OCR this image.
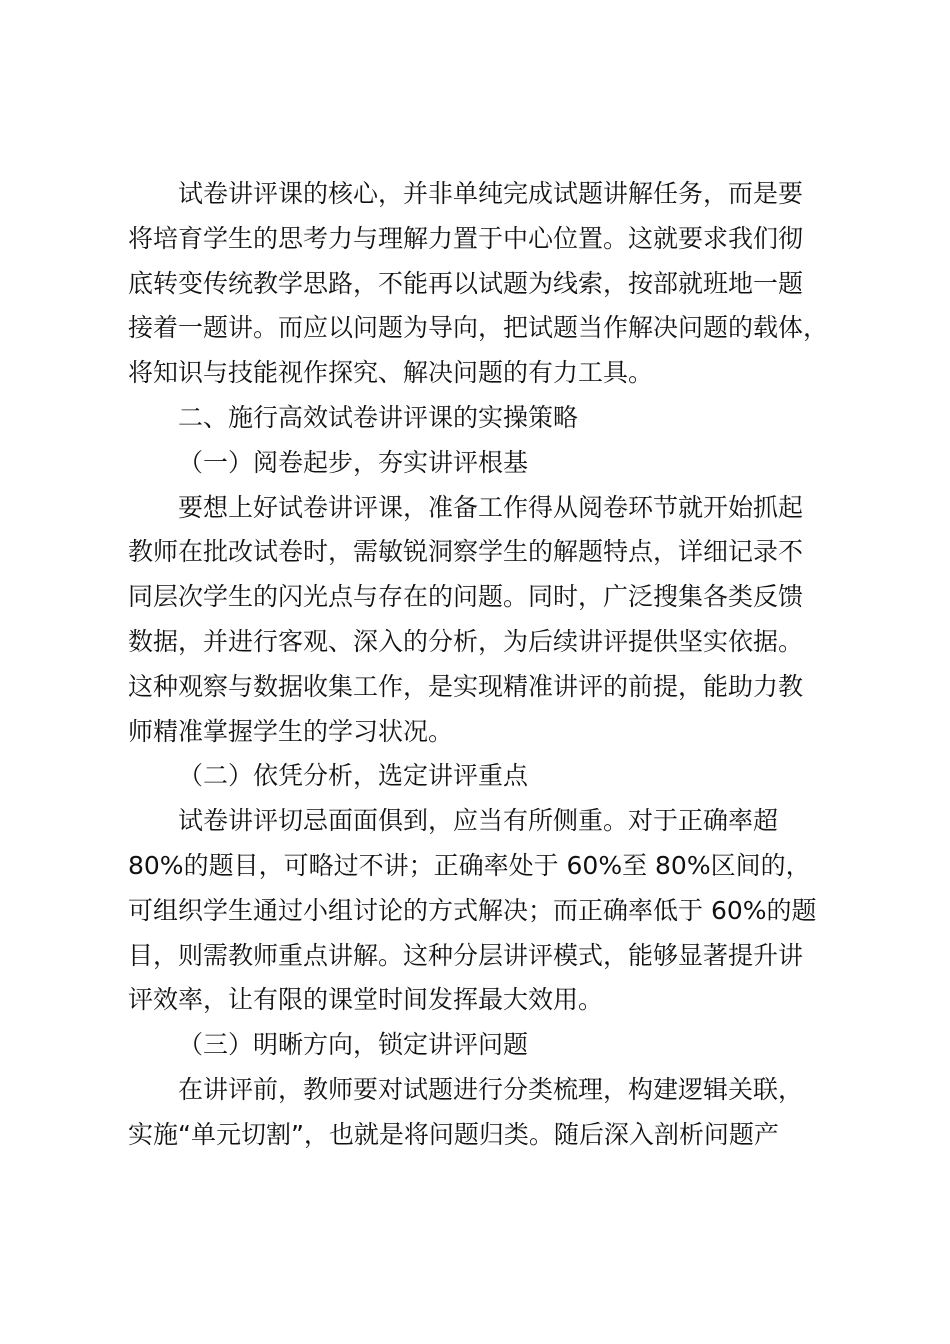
试卷讲评课的核心，并非单纯完成试题讲解任务，而是要
将培育学生的思考力与理解力置于中心位置。这就要求我们彻
底转变传统教学思路，不能再以试题为线索，按部就班地一题
接着一题讲。而应以问题为导向，把试题当作解决问题的载体，
将知识与技能视作探究、解决问题的有力工具。
二、施行高效试卷讲评课的实操策略
（一）阅卷起步，夯实讲评根基
要想上好试卷讲评课，准备工作得从阅卷环节就开始抓起
教师在批改试卷时，需敏锐洞察学生的解题特点，详细记录不
同层次学生的闪光点与存在的问题。同时，广泛搜集各类反馈
数据，并进行客观、深入的分析，为后续讲评提供坚实依据。
这种观察与数据收集工作，是实现精准讲评的前提，能助力教
师精准掌握学生的学习状况。
（二）依凭分析，选定讲评重点
试卷讲评切忌面面俱到，应当有所侧重。对于正确率超
80%的题目，可略过不讲；正确率处于 60%至 80%区间的，
可组织学生通过小组讨论的方式解决；而正确率低于 60%的题
目，则需教师重点讲解。这种分层讲评模式，能够显著提升讲
评效率，让有限的课堂时间发挥最大效用。
（三）明晰方向，锁定讲评问题
在讲评前，教师要对试题进行分类梳理，构建逻辑关联，
实施“单元切割”，也就是将问题归类。随后深入剖析问题产
